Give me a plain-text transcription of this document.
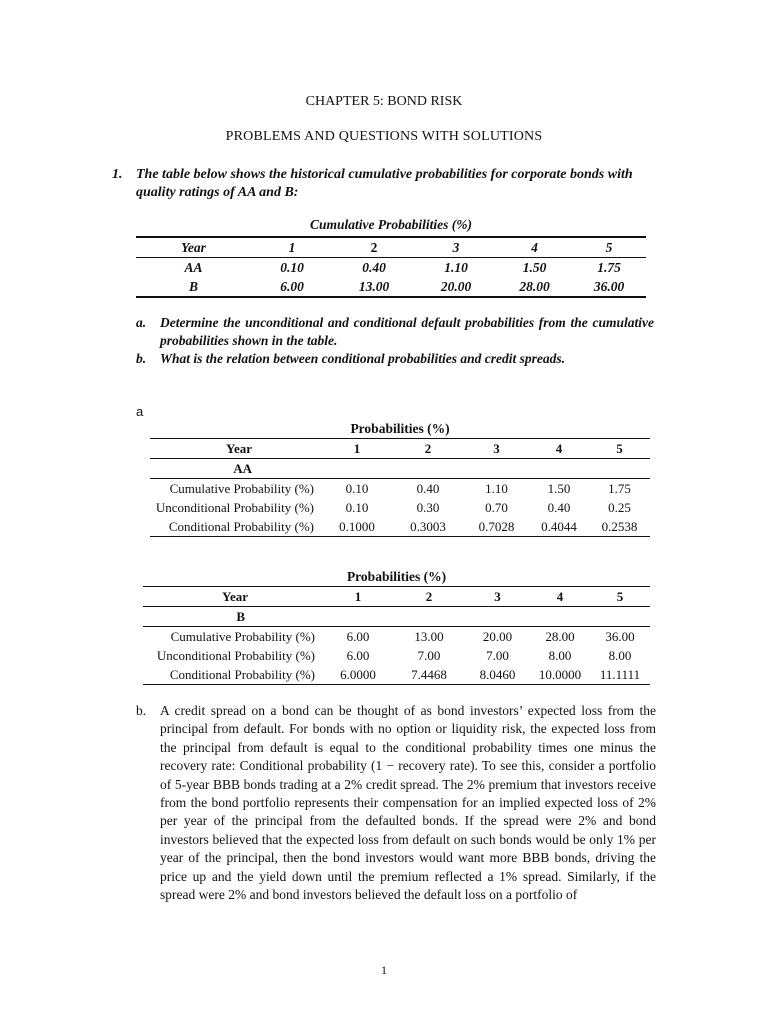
CHAPTER 5: BOND RISK
PROBLEMS AND QUESTIONS WITH SOLUTIONS
1. The table below shows the historical cumulative probabilities for corporate bonds with quality ratings of AA and B:
Cumulative Probabilities (%)
Year	1	2	3	4	5
AA	0.10	0.40	1.10	1.50	1.75
B	6.00	13.00	20.00	28.00	36.00
a. Determine the unconditional and conditional default probabilities from the cumulative probabilities shown in the table.
b. What is the relation between conditional probabilities and credit spreads.
a
Probabilities (%)
Year	1	2	3	4	5
AA					
Cumulative Probability (%)	0.10	0.40	1.10	1.50	1.75
Unconditional Probability (%)	0.10	0.30	0.70	0.40	0.25
Conditional Probability (%)	0.1000	0.3003	0.7028	0.4044	0.2538
Probabilities (%)
Year	1	2	3	4	5
B					
Cumulative Probability (%)	6.00	13.00	20.00	28.00	36.00
Unconditional Probability (%)	6.00	7.00	7.00	8.00	8.00
Conditional Probability (%)	6.0000	7.4468	8.0460	10.0000	11.1111
b. A credit spread on a bond can be thought of as bond investors’ expected loss from the principal from default. For bonds with no option or liquidity risk, the expected loss from the principal from default is equal to the conditional probability times one minus the recovery rate: Conditional probability (1 − recovery rate). To see this, consider a portfolio of 5-year BBB bonds trading at a 2% credit spread. The 2% premium that investors receive from the bond portfolio represents their compensation for an implied expected loss of 2% per year of the principal from the defaulted bonds. If the spread were 2% and bond investors believed that the expected loss from default on such bonds would be only 1% per year of the principal, then the bond investors would want more BBB bonds, driving the price up and the yield down until the premium reflected a 1% spread. Similarly, if the spread were 2% and bond investors believed the default loss on a portfolio of
1
